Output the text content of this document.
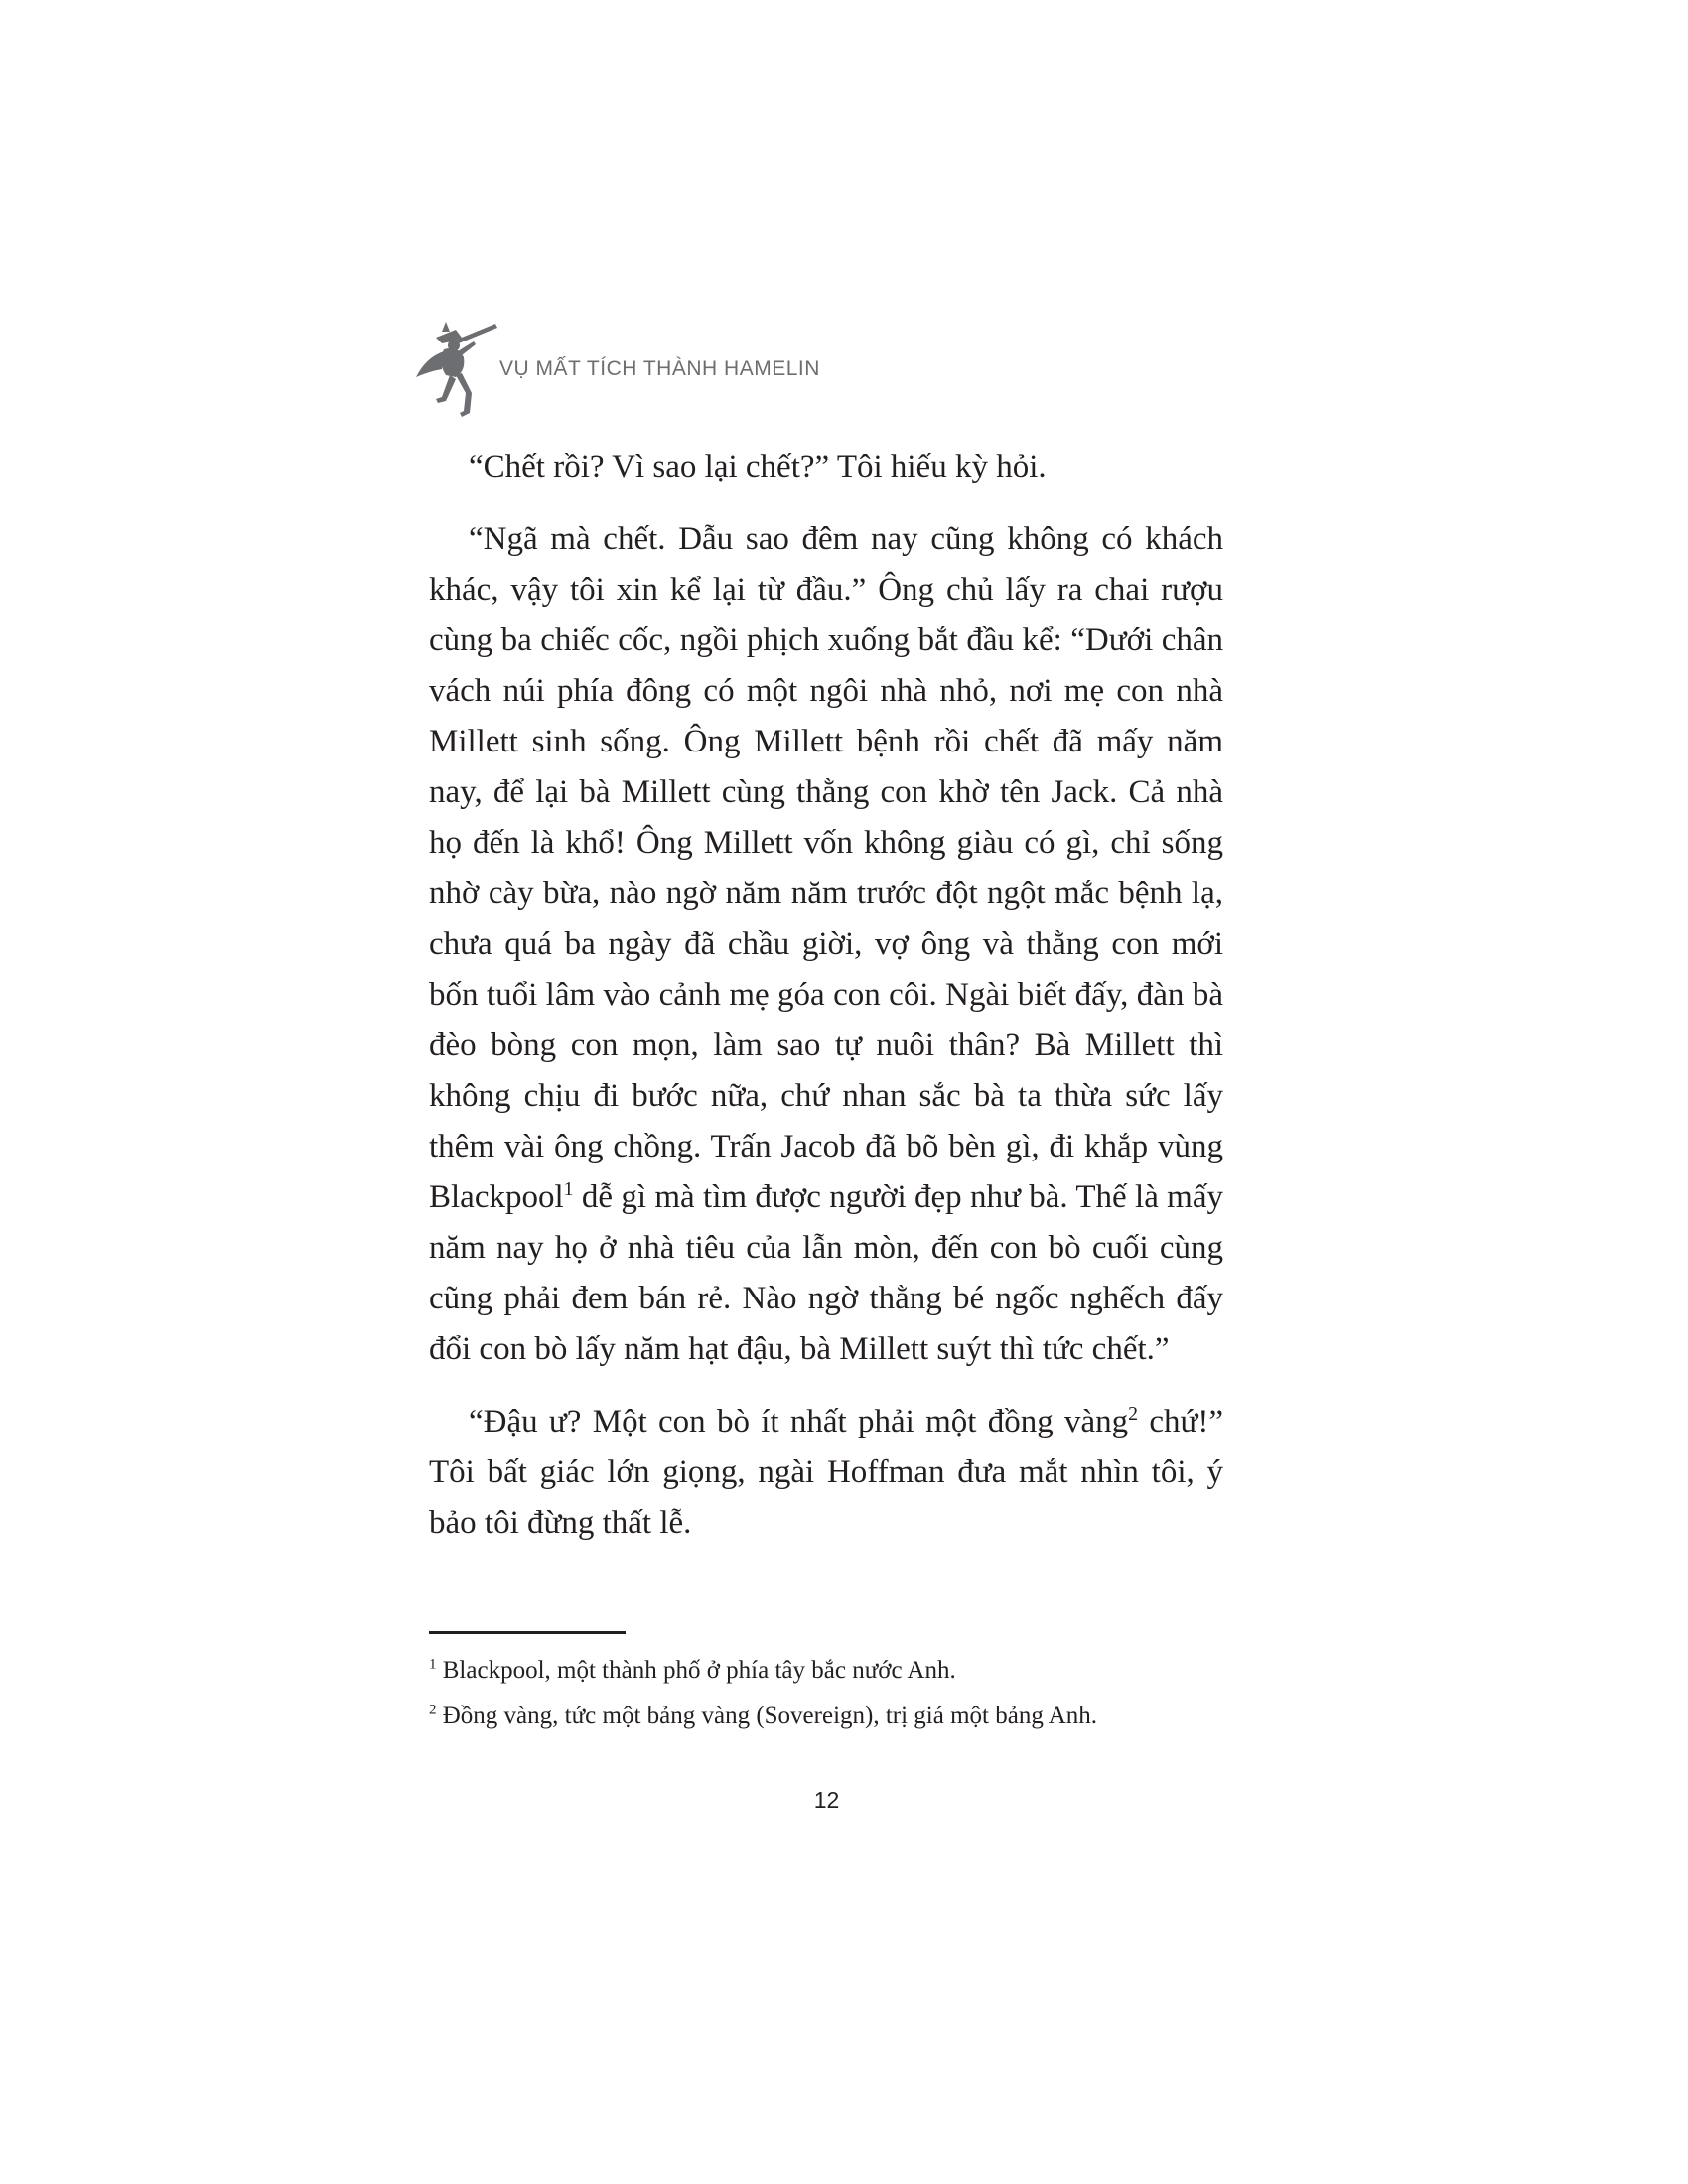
VỤ MẤT TÍCH THÀNH HAMELIN

“Chết rồi? Vì sao lại chết?” Tôi hiếu kỳ hỏi.

“Ngã mà chết. Dẫu sao đêm nay cũng không có khách khác, vậy tôi xin kể lại từ đầu.” Ông chủ lấy ra chai rượu cùng ba chiếc cốc, ngồi phịch xuống bắt đầu kể: “Dưới chân vách núi phía đông có một ngôi nhà nhỏ, nơi mẹ con nhà Millett sinh sống. Ông Millett bệnh rồi chết đã mấy năm nay, để lại bà Millett cùng thằng con khờ tên Jack. Cả nhà họ đến là khổ! Ông Millett vốn không giàu có gì, chỉ sống nhờ cày bừa, nào ngờ năm năm trước đột ngột mắc bệnh lạ, chưa quá ba ngày đã chầu giời, vợ ông và thằng con mới bốn tuổi lâm vào cảnh mẹ góa con côi. Ngài biết đấy, đàn bà đèo bòng con mọn, làm sao tự nuôi thân? Bà Millett thì không chịu đi bước nữa, chứ nhan sắc bà ta thừa sức lấy thêm vài ông chồng. Trấn Jacob đã bõ bèn gì, đi khắp vùng Blackpool$^1$ dễ gì mà tìm được người đẹp như bà. Thế là mấy năm nay họ ở nhà tiêu của lẫn mòn, đến con bò cuối cùng cũng phải đem bán rẻ. Nào ngờ thằng bé ngốc nghếch đấy đổi con bò lấy năm hạt đậu, bà Millett suýt thì tức chết.”

“Đậu ư? Một con bò ít nhất phải một đồng vàng$^2$ chứ!” Tôi bất giác lớn giọng, ngài Hoffman đưa mắt nhìn tôi, ý bảo tôi đừng thất lễ.

$^1$ Blackpool, một thành phố ở phía tây bắc nước Anh.

$^2$ Đồng vàng, tức một bảng vàng (Sovereign), trị giá một bảng Anh.

12
